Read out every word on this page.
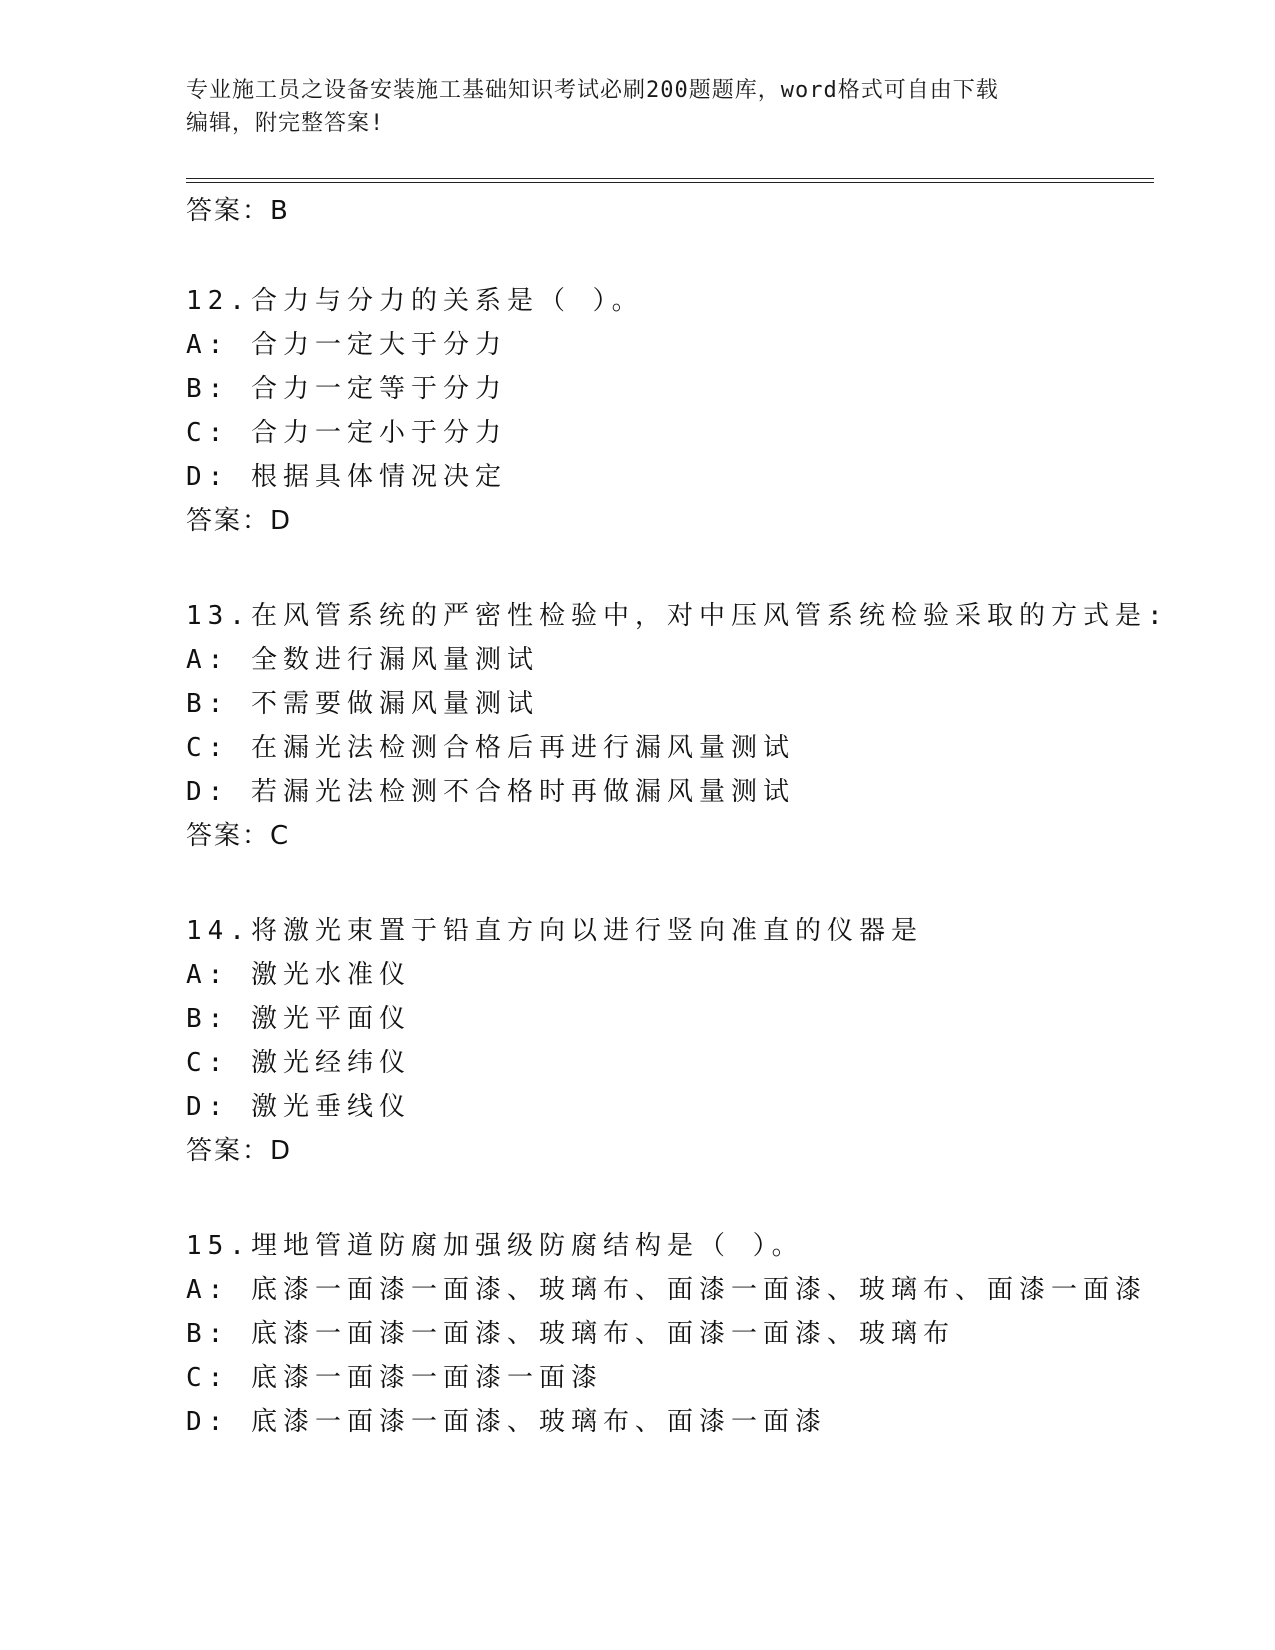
专业施工员之设备安装施工基础知识考试必刷200题题库，word格式可自由下载
编辑，附完整答案!
答案：B
12.合力与分力的关系是（ ）。
A: 合力一定大于分力
B: 合力一定等于分力
C: 合力一定小于分力
D: 根据具体情况决定
答案：D
13.在风管系统的严密性检验中，对中压风管系统检验采取的方式是:
A: 全数进行漏风量测试
B: 不需要做漏风量测试
C: 在漏光法检测合格后再进行漏风量测试
D: 若漏光法检测不合格时再做漏风量测试
答案：C
14.将激光束置于铅直方向以进行竖向准直的仪器是
A: 激光水准仪
B: 激光平面仪
C: 激光经纬仪
D: 激光垂线仪
答案：D
15.埋地管道防腐加强级防腐结构是（ ）。
A: 底漆一面漆一面漆、玻璃布、面漆一面漆、玻璃布、面漆一面漆
B: 底漆一面漆一面漆、玻璃布、面漆一面漆、玻璃布
C: 底漆一面漆一面漆一面漆
D: 底漆一面漆一面漆、玻璃布、面漆一面漆
